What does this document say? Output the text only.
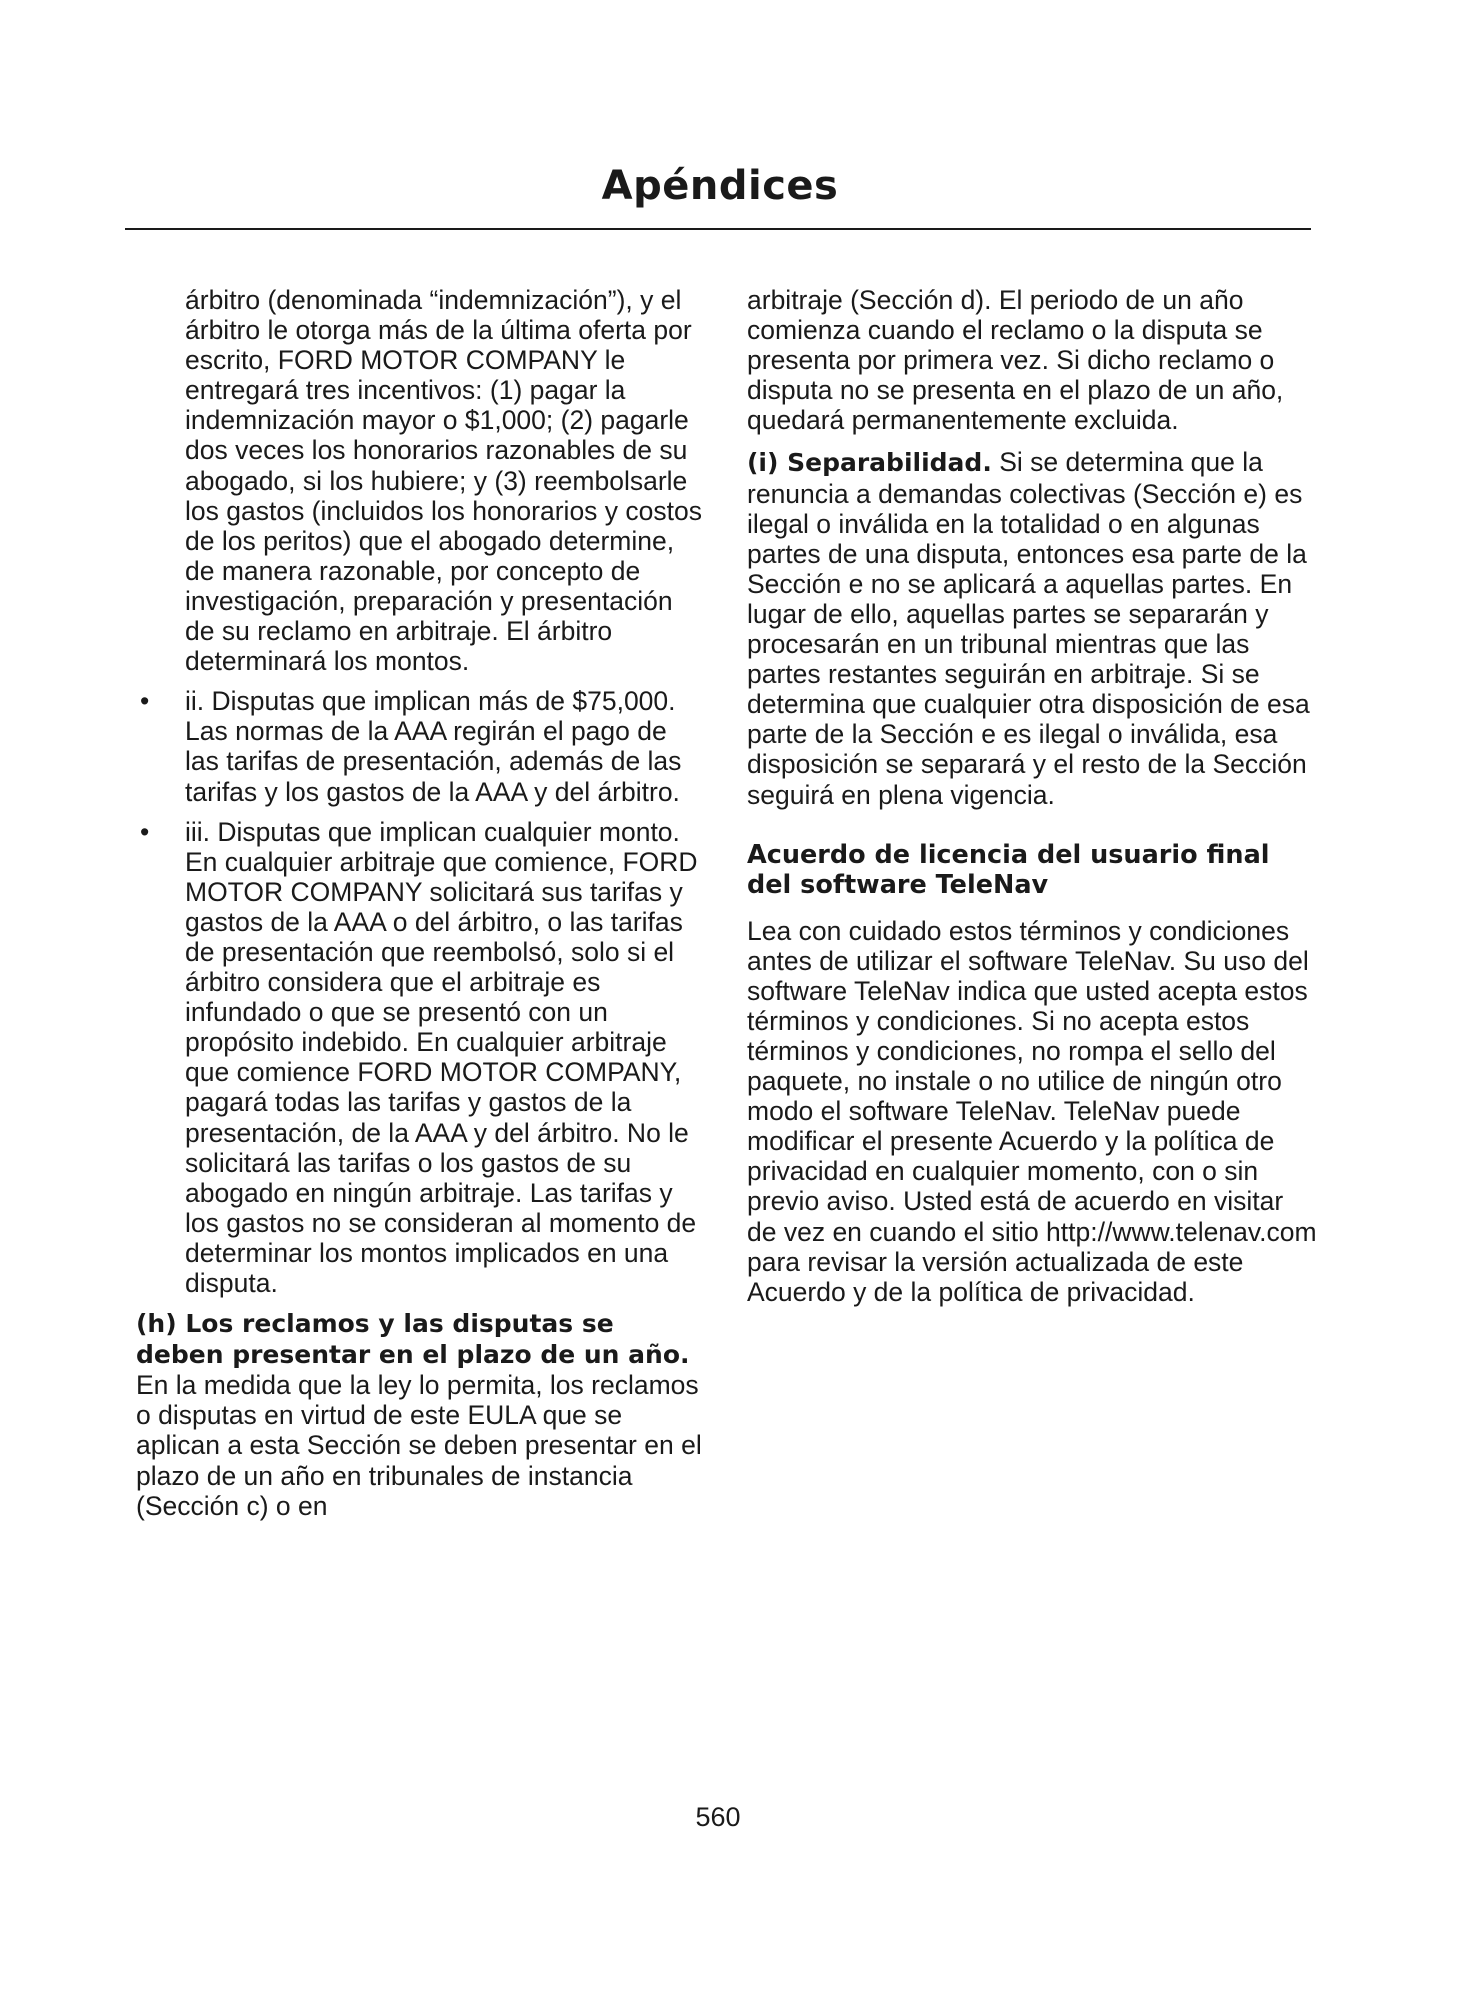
Apéndices

árbitro (denominada “indemnización”), y el árbitro le otorga más de la última oferta por escrito, FORD MOTOR COMPANY le entregará tres incentivos: (1) pagar la indemnización mayor o $1,000; (2) pagarle dos veces los honorarios razonables de su abogado, si los hubiere; y (3) reembolsarle los gastos (incluidos los honorarios y costos de los peritos) que el abogado determine, de manera razonable, por concepto de investigación, preparación y presentación de su reclamo en arbitraje. El árbitro determinará los montos.

•	ii. Disputas que implican más de $75,000. Las normas de la AAA regirán el pago de las tarifas de presentación, además de las tarifas y los gastos de la AAA y del árbitro.

•	iii. Disputas que implican cualquier monto. En cualquier arbitraje que comience, FORD MOTOR COMPANY solicitará sus tarifas y gastos de la AAA o del árbitro, o las tarifas de presentación que reembolsó, solo si el árbitro considera que el arbitraje es infundado o que se presentó con un propósito indebido. En cualquier arbitraje que comience FORD MOTOR COMPANY, pagará todas las tarifas y gastos de la presentación, de la AAA y del árbitro. No le solicitará las tarifas o los gastos de su abogado en ningún arbitraje. Las tarifas y los gastos no se consideran al momento de determinar los montos implicados en una disputa.

(h) Los reclamos y las disputas se deben presentar en el plazo de un año. En la medida que la ley lo permita, los reclamos o disputas en virtud de este EULA que se aplican a esta Sección se deben presentar en el plazo de un año en tribunales de instancia (Sección c) o en

arbitraje (Sección d). El periodo de un año comienza cuando el reclamo o la disputa se presenta por primera vez. Si dicho reclamo o disputa no se presenta en el plazo de un año, quedará permanentemente excluida.

(i) Separabilidad. Si se determina que la renuncia a demandas colectivas (Sección e) es ilegal o inválida en la totalidad o en algunas partes de una disputa, entonces esa parte de la Sección e no se aplicará a aquellas partes. En lugar de ello, aquellas partes se separarán y procesarán en un tribunal mientras que las partes restantes seguirán en arbitraje. Si se determina que cualquier otra disposición de esa parte de la Sección e es ilegal o inválida, esa disposición se separará y el resto de la Sección seguirá en plena vigencia.

Acuerdo de licencia del usuario final del software TeleNav

Lea con cuidado estos términos y condiciones antes de utilizar el software TeleNav. Su uso del software TeleNav indica que usted acepta estos términos y condiciones. Si no acepta estos términos y condiciones, no rompa el sello del paquete, no instale o no utilice de ningún otro modo el software TeleNav. TeleNav puede modificar el presente Acuerdo y la política de privacidad en cualquier momento, con o sin previo aviso. Usted está de acuerdo en visitar de vez en cuando el sitio http://www.telenav.com para revisar la versión actualizada de este Acuerdo y de la política de privacidad.

560
